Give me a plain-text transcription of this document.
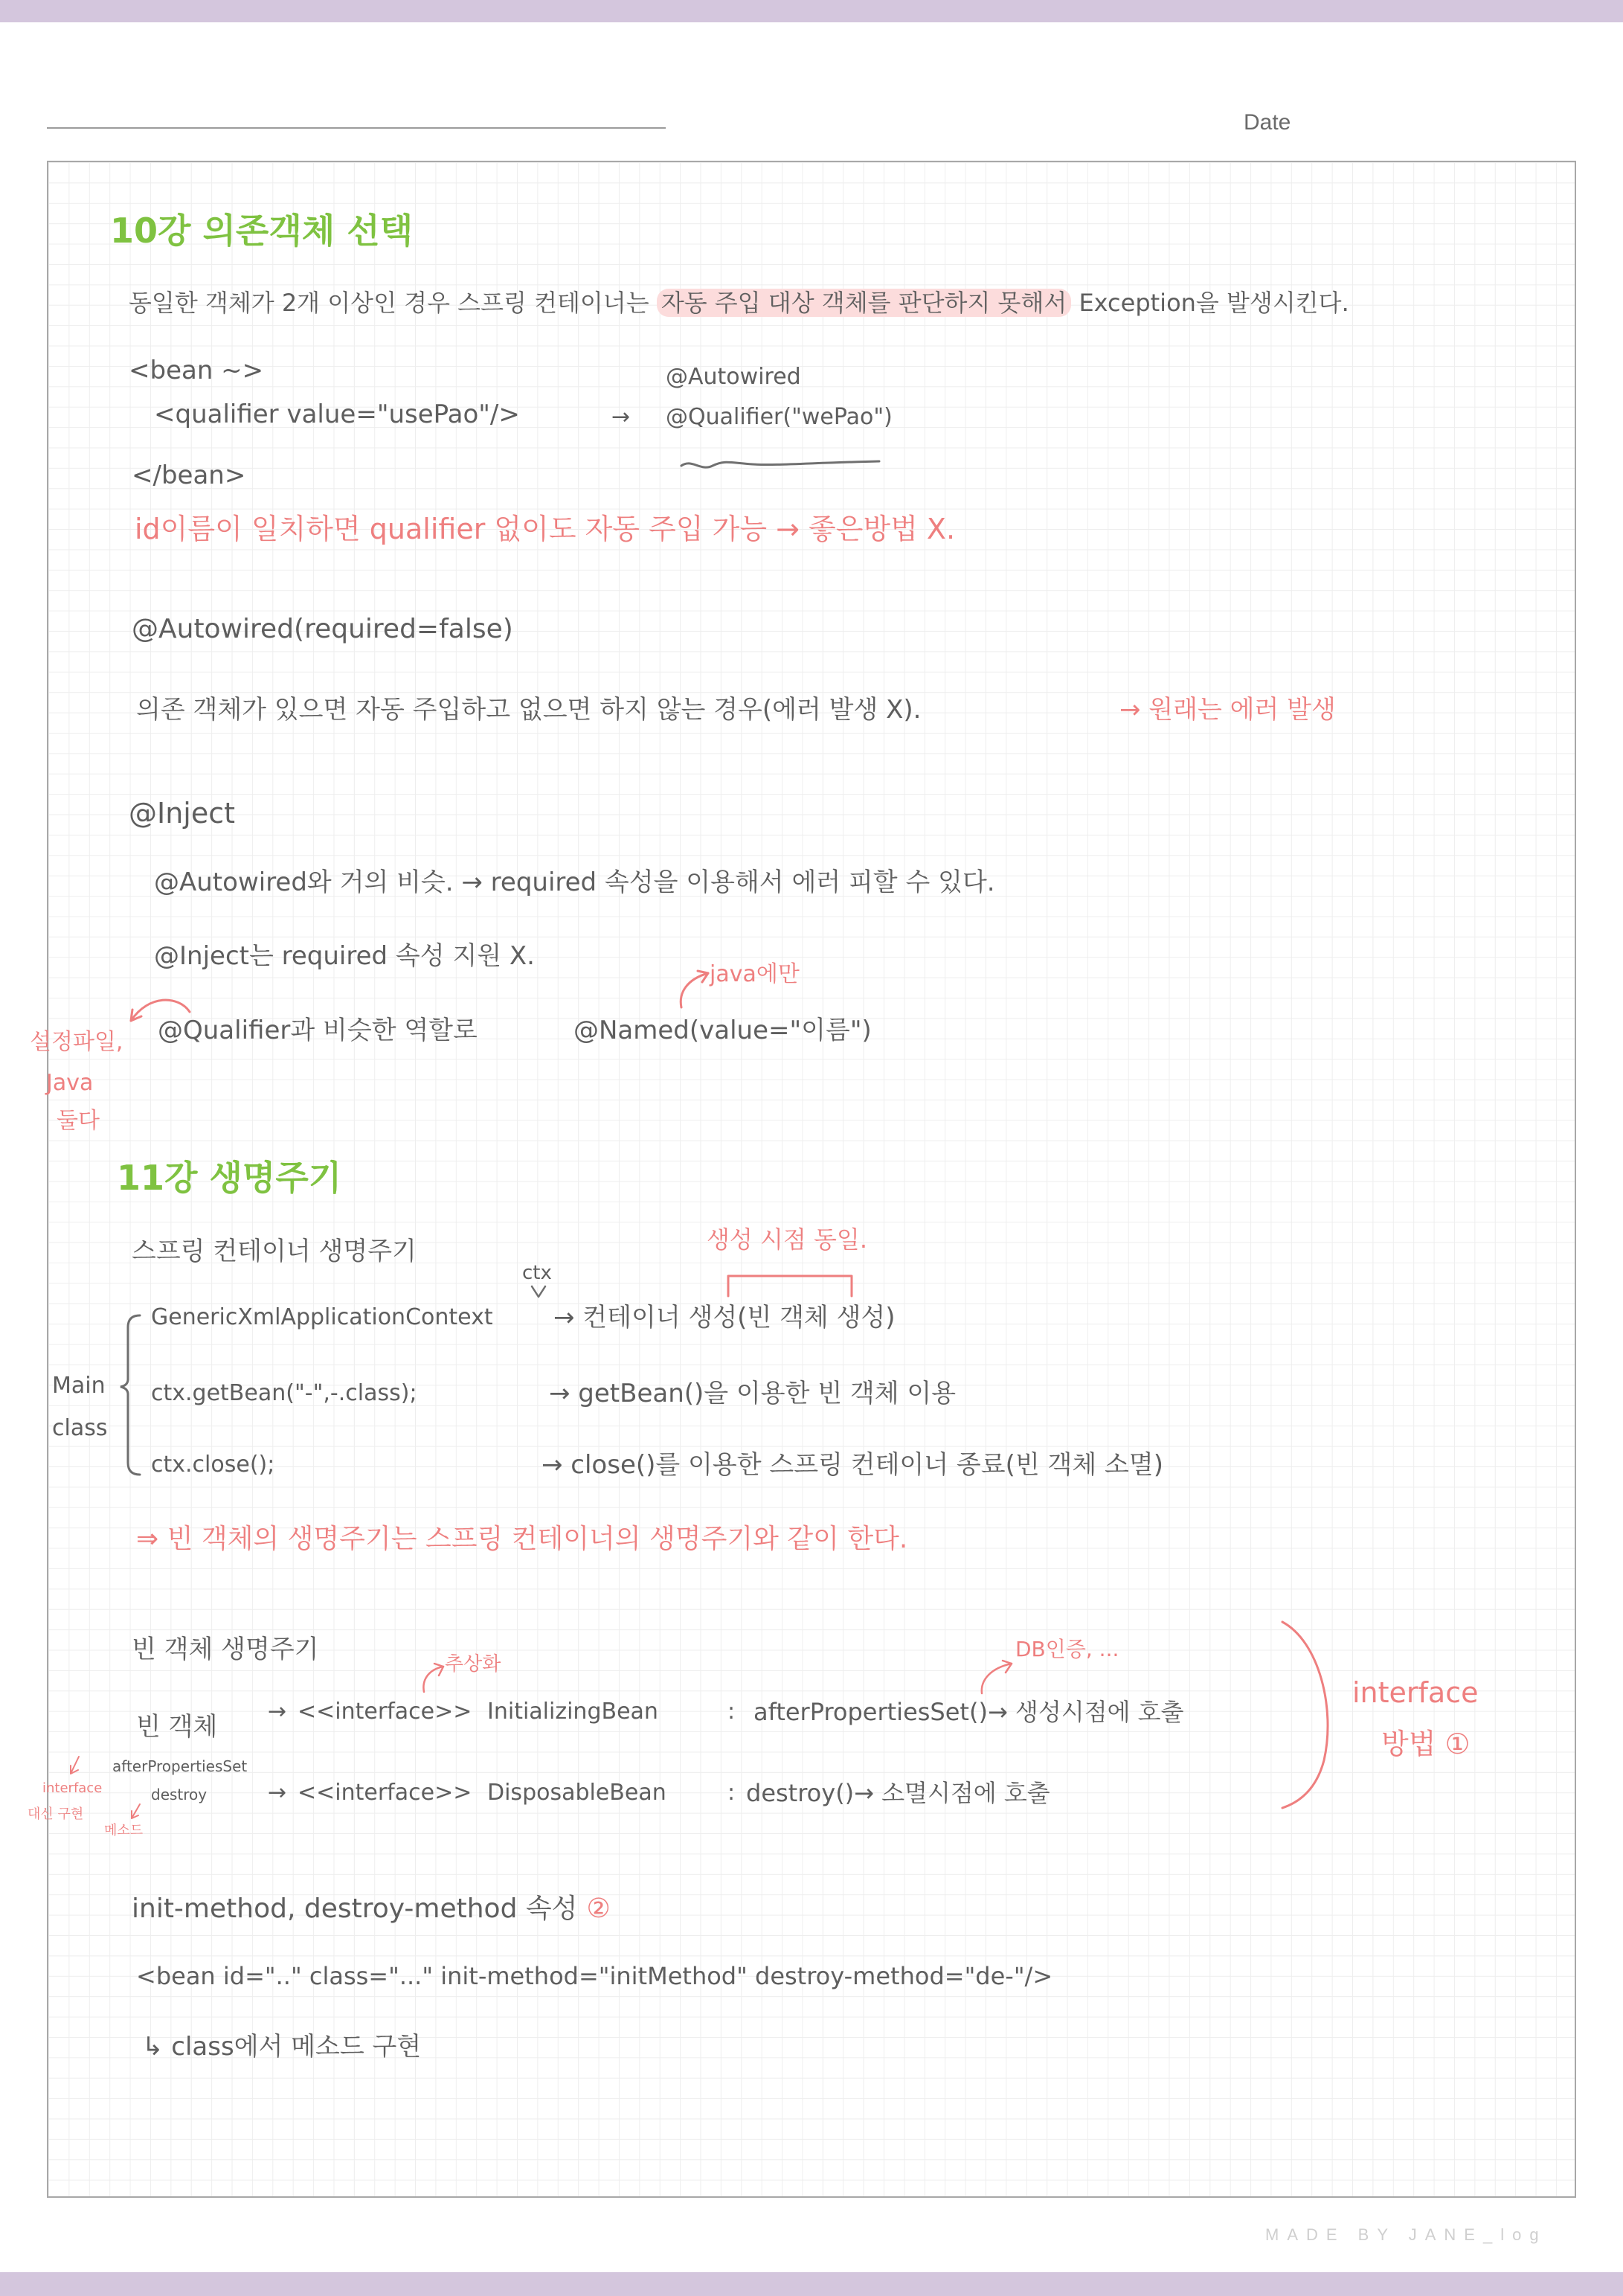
Date
10강 의존객체 선택
동일한 객체가 2개 이상인 경우 스프링 컨테이너는 자동 주입 대상 객체를 판단하지 못해서 Exception을 발생시킨다.
<bean ~>
<qualifier value="usePao"/>	→
@Autowired
@Qualifier("wePao")
</bean>
id이름이 일치하면 qualifier 없이도 자동 주입 가능 → 좋은방법 X.
@Autowired(required=false)
의존 객체가 있으면 자동 주입하고 없으면 하지 않는 경우(에러 발생 X).	→ 원래는 에러 발생
@Inject
@Autowired와 거의 비슷. → required 속성을 이용해서 에러 피할 수 있다.
@Inject는 required 속성 지원 X.
java에만
@Qualifier과 비슷한 역할로	@Named(value="이름")
설정파일,
Java
둘다
11강 생명주기
스프링 컨테이너 생명주기	생성 시점 동일.
ctx
GenericXmlApplicationContext → 컨테이너 생성(빈 객체 생성)
ctx.getBean("-",-.class);	→ getBean()을 이용한 빈 객체 이용
ctx.close();	→ close()를 이용한 스프링 컨테이너 종료(빈 객체 소멸)
Main
class
⇒ 빈 객체의 생명주기는 스프링 컨테이너의 생명주기와 같이 한다.
빈 객체 생명주기	추상화
DB인증, ...
빈 객체
→ <<interface>> InitializingBean	: afterPropertiesSet()→ 생성시점에 호출
→ <<interface>> DisposableBean	: destroy()→ 소멸시점에 호출
afterPropertiesSet
destroy
interface
대신 구현
메소드
interface
방법 ①
init-method, destroy-method 속성 ②
<bean id=".." class="..." init-method="initMethod" destroy-method="de-"/>
↳ class에서 메소드 구현
MADE BY JANE_log
